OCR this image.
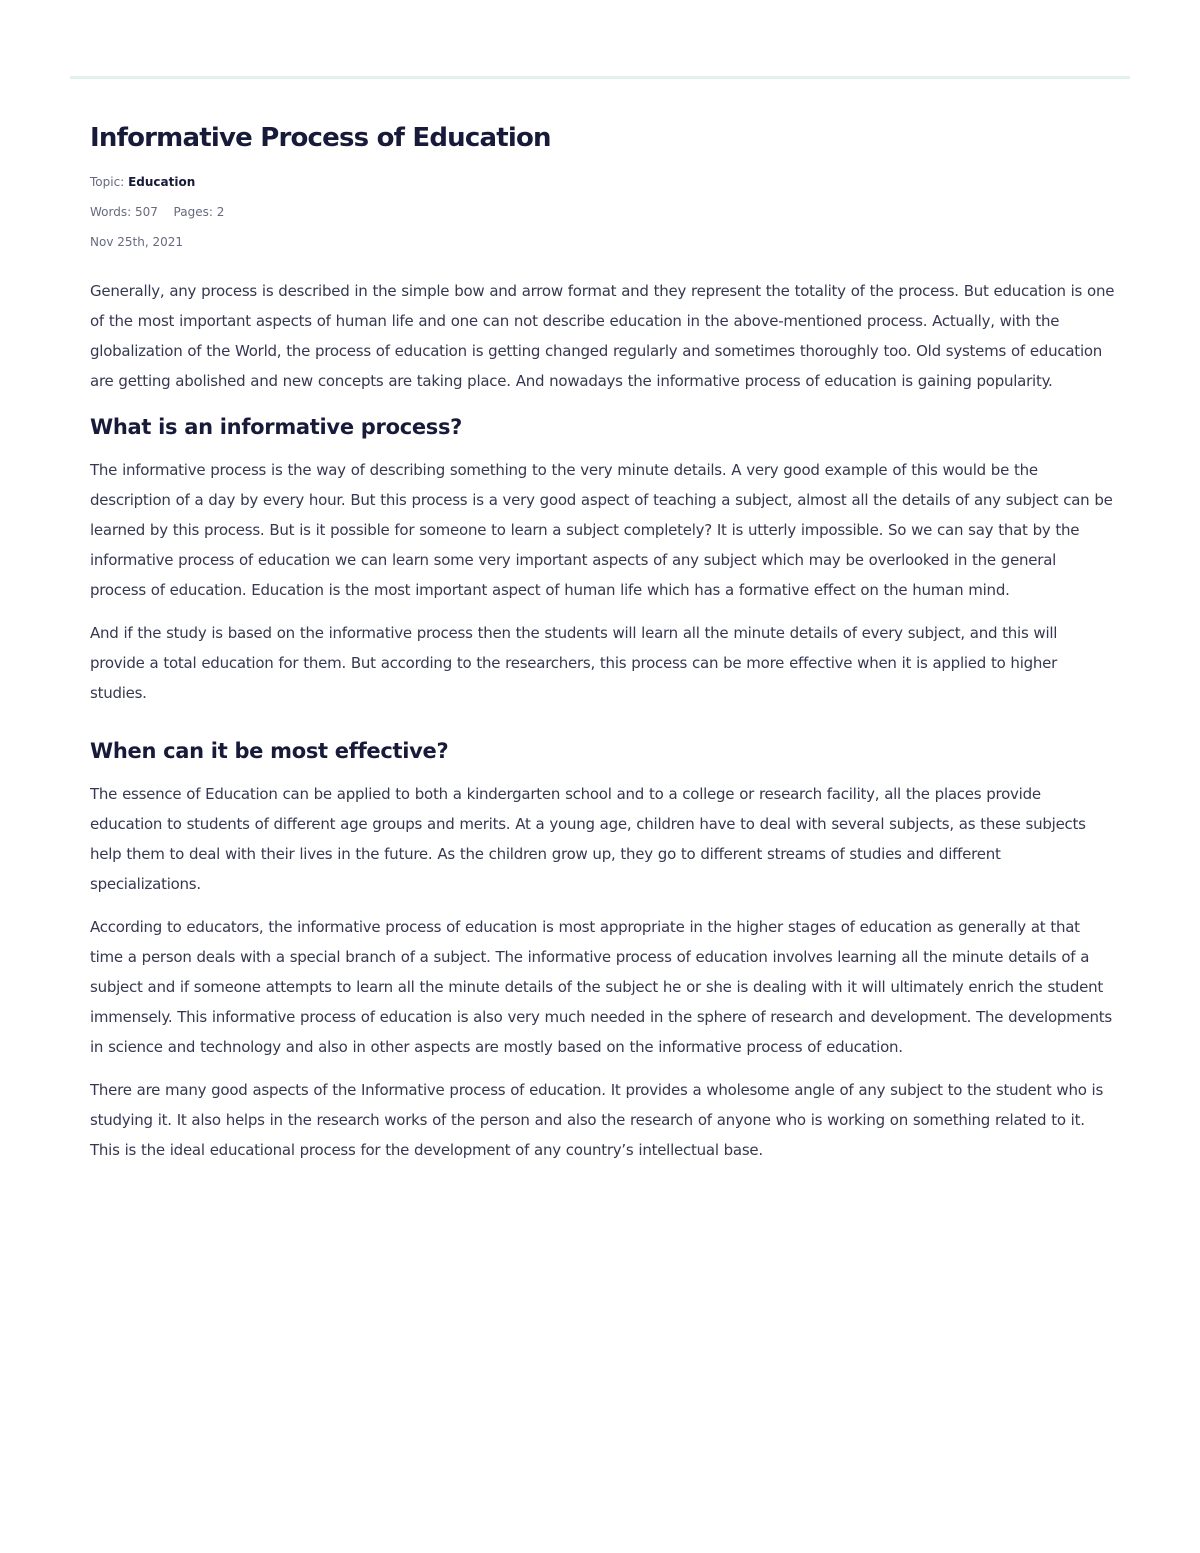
Informative Process of Education
Topic: Education
Words: 507 Pages: 2
Nov 25th, 2021

Generally, any process is described in the simple bow and arrow format and they represent the totality of the process. But education is one of the most important aspects of human life and one can not describe education in the above-mentioned process. Actually, with the globalization of the World, the process of education is getting changed regularly and sometimes thoroughly too. Old systems of education are getting abolished and new concepts are taking place. And nowadays the informative process of education is gaining popularity.

What is an informative process?

The informative process is the way of describing something to the very minute details. A very good example of this would be the description of a day by every hour. But this process is a very good aspect of teaching a subject, almost all the details of any subject can be learned by this process. But is it possible for someone to learn a subject completely? It is utterly impossible. So we can say that by the informative process of education we can learn some very important aspects of any subject which may be overlooked in the general process of education. Education is the most important aspect of human life which has a formative effect on the human mind.

And if the study is based on the informative process then the students will learn all the minute details of every subject, and this will provide a total education for them. But according to the researchers, this process can be more effective when it is applied to higher studies.

When can it be most effective?

The essence of Education can be applied to both a kindergarten school and to a college or research facility, all the places provide education to students of different age groups and merits. At a young age, children have to deal with several subjects, as these subjects help them to deal with their lives in the future. As the children grow up, they go to different streams of studies and different specializations.

According to educators, the informative process of education is most appropriate in the higher stages of education as generally at that time a person deals with a special branch of a subject. The informative process of education involves learning all the minute details of a subject and if someone attempts to learn all the minute details of the subject he or she is dealing with it will ultimately enrich the student immensely. This informative process of education is also very much needed in the sphere of research and development. The developments in science and technology and also in other aspects are mostly based on the informative process of education.

There are many good aspects of the Informative process of education. It provides a wholesome angle of any subject to the student who is studying it. It also helps in the research works of the person and also the research of anyone who is working on something related to it. This is the ideal educational process for the development of any country’s intellectual base.
